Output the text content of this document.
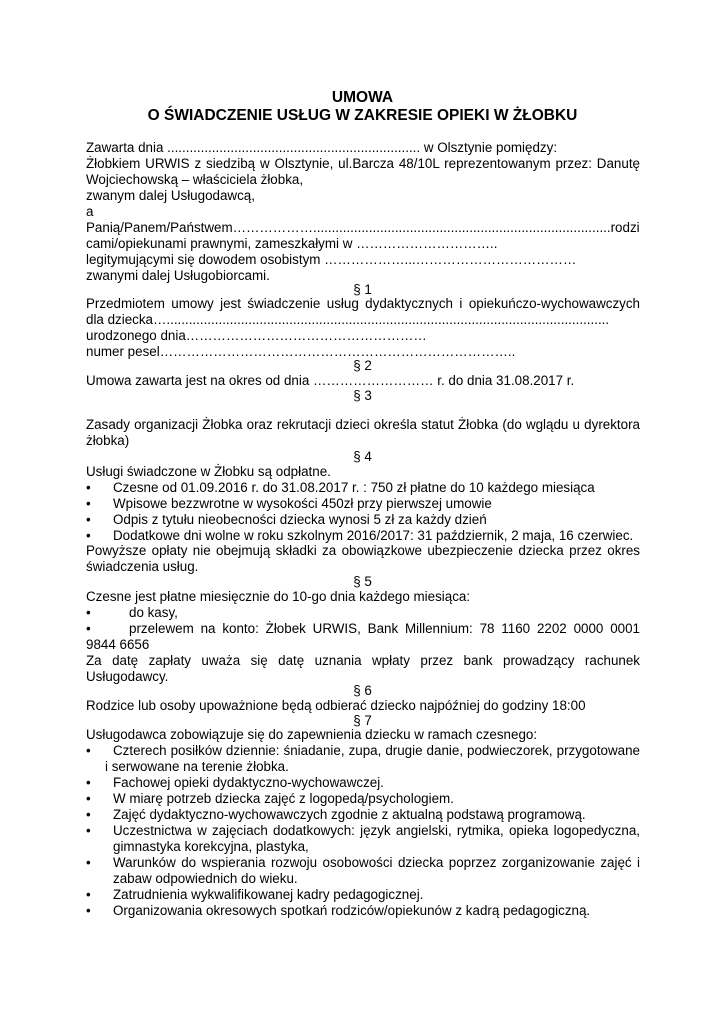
UMOWA
O ŚWIADCZENIE USŁUG W ZAKRESIE OPIEKI W ŻŁOBKU
Zawarta dnia .................................................................... w Olsztynie pomiędzy:
Żłobkiem URWIS z siedzibą w Olsztynie, ul.Barcza 48/10L reprezentowanym przez: Danutę
Wojciechowską – właściciela żłobka,
zwanym dalej Usługodawcą,
a
Panią/Panem/Państwem………………................................................................................rodzi
cami/opiekunami prawnymi, zameszkałymi w …………………………..
legitymującymi się dowodem osobistym ………………...………………………………
zwanymi dalej Usługobiorcami.
§ 1
Przedmiotem umowy jest świadczenie usług dydaktycznych i opiekuńczo-wychowawczych
dla dziecka….......................................................................................................................
urodzonego dnia………………………………………………
numer pesel……………………………………………………………………..
§ 2
Umowa zawarta jest na okres od dnia ……………………… r. do dnia 31.08.2017 r.
§ 3
Zasady organizacji Żłobka oraz rekrutacji dzieci określa statut Żłobka (do wglądu u dyrektora
żłobka)
§ 4
Usługi świadczone w Żłobku są odpłatne.
• Czesne od 01.09.2016 r. do 31.08.2017 r. : 750 zł płatne do 10 każdego miesiąca
• Wpisowe bezzwrotne w wysokości 450zł przy pierwszej umowie
• Odpis z tytułu nieobecności dziecka wynosi 5 zł za każdy dzień
• Dodatkowe dni wolne w roku szkolnym 2016/2017: 31 październik, 2 maja, 16 czerwiec.
Powyższe opłaty nie obejmują składki za obowiązkowe ubezpieczenie dziecka przez okres
świadczenia usług.
§ 5
Czesne jest płatne miesięcznie do 10-go dnia każdego miesiąca:
•	do kasy,
•	przelewem na konto: Żłobek URWIS, Bank Millennium: 78 1160 2202 0000 0001
9844 6656
Za datę zapłaty uważa się datę uznania wpłaty przez bank prowadzący rachunek
Usługodawcy.
§ 6
Rodzice lub osoby upoważnione będą odbierać dziecko najpóźniej do godziny 18:00
§ 7
Usługodawca zobowiązuje się do zapewnienia dziecku w ramach czesnego:
• Czterech posiłków dziennie: śniadanie, zupa, drugie danie, podwieczorek, przygotowane
i serwowane na terenie żłobka.
• Fachowej opieki dydaktyczno-wychowawczej.
• W miarę potrzeb dziecka zajęć z logopedą/psychologiem.
• Zajęć dydaktyczno-wychowawczych zgodnie z aktualną podstawą programową.
• Uczestnictwa w zajęciach dodatkowych: język angielski, rytmika, opieka logopedyczna,
gimnastyka korekcyjna, plastyka,
• Warunków do wspierania rozwoju osobowości dziecka poprzez zorganizowanie zajęć i
zabaw odpowiednich do wieku.
• Zatrudnienia wykwalifikowanej kadry pedagogicznej.
• Organizowania okresowych spotkań rodziców/opiekunów z kadrą pedagogiczną.
